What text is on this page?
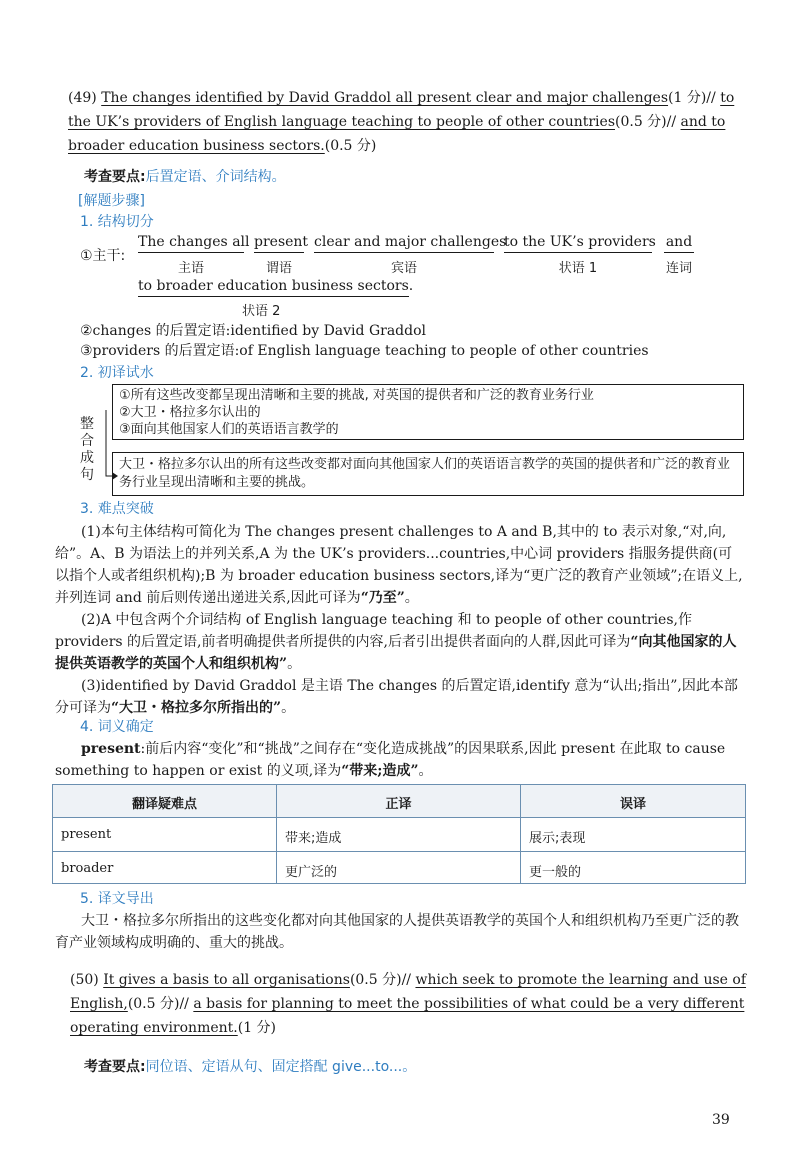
(49) The changes identified by David Graddol all present clear and major challenges(1 分)// to
the UK’s providers of English language teaching to people of other countries(0.5 分)// and to
broader education business sectors.(0.5 分)
考查要点:后置定语、介词结构。
[解题步骤]
1. 结构切分
①主干:
The changes all
主语
present
谓语
clear and major challenges
宾语
to the UK’s providers
状语 1
and
连词
to broader education business sectors.
状语 2
②changes 的后置定语:identified by David Graddol
③providers 的后置定语:of English language teaching to people of other countries
2. 初译试水
整
合
成
句
①所有这些改变都呈现出清晰和主要的挑战, 对英国的提供者和广泛的教育业务行业
②大卫・格拉多尔认出的
③面向其他国家人们的英语语言教学的
大卫・格拉多尔认出的所有这些改变都对面向其他国家人们的英语语言教学的英国的提供者和广泛的教育业务行业呈现出清晰和主要的挑战。
3. 难点突破
(1)本句主体结构可简化为 The changes present challenges to A and B,其中的 to 表示对象,“对,向,给”。A、B 为语法上的并列关系,A 为 the UK’s providers...countries,中心词 providers 指服务提供商(可以指个人或者组织机构);B 为 broader education business sectors,译为“更广泛的教育产业领域”;在语义上,并列连词 and 前后则传递出递进关系,因此可译为“乃至”。
(2)A 中包含两个介词结构 of English language teaching 和 to people of other countries,作 providers 的后置定语,前者明确提供者所提供的内容,后者引出提供者面向的人群,因此可译为“向其他国家的人提供英语教学的英国个人和组织机构”。
(3)identified by David Graddol 是主语 The changes 的后置定语,identify 意为“认出;指出”,因此本部分可译为“大卫・格拉多尔所指出的”。
4. 词义确定
present:前后内容“变化”和“挑战”之间存在“变化造成挑战”的因果联系,因此 present 在此取 to cause something to happen or exist 的义项,译为“带来;造成”。
翻译疑难点	正译	误译
present	带来;造成	展示;表现
broader	更广泛的	更一般的
5. 译文导出
大卫・格拉多尔所指出的这些变化都对向其他国家的人提供英语教学的英国个人和组织机构乃至更广泛的教育产业领域构成明确的、重大的挑战。
(50) It gives a basis to all organisations(0.5 分)// which seek to promote the learning and use of
English,(0.5 分)// a basis for planning to meet the possibilities of what could be a very different
operating environment.(1 分)
考查要点:同位语、定语从句、固定搭配 give...to...。
39
